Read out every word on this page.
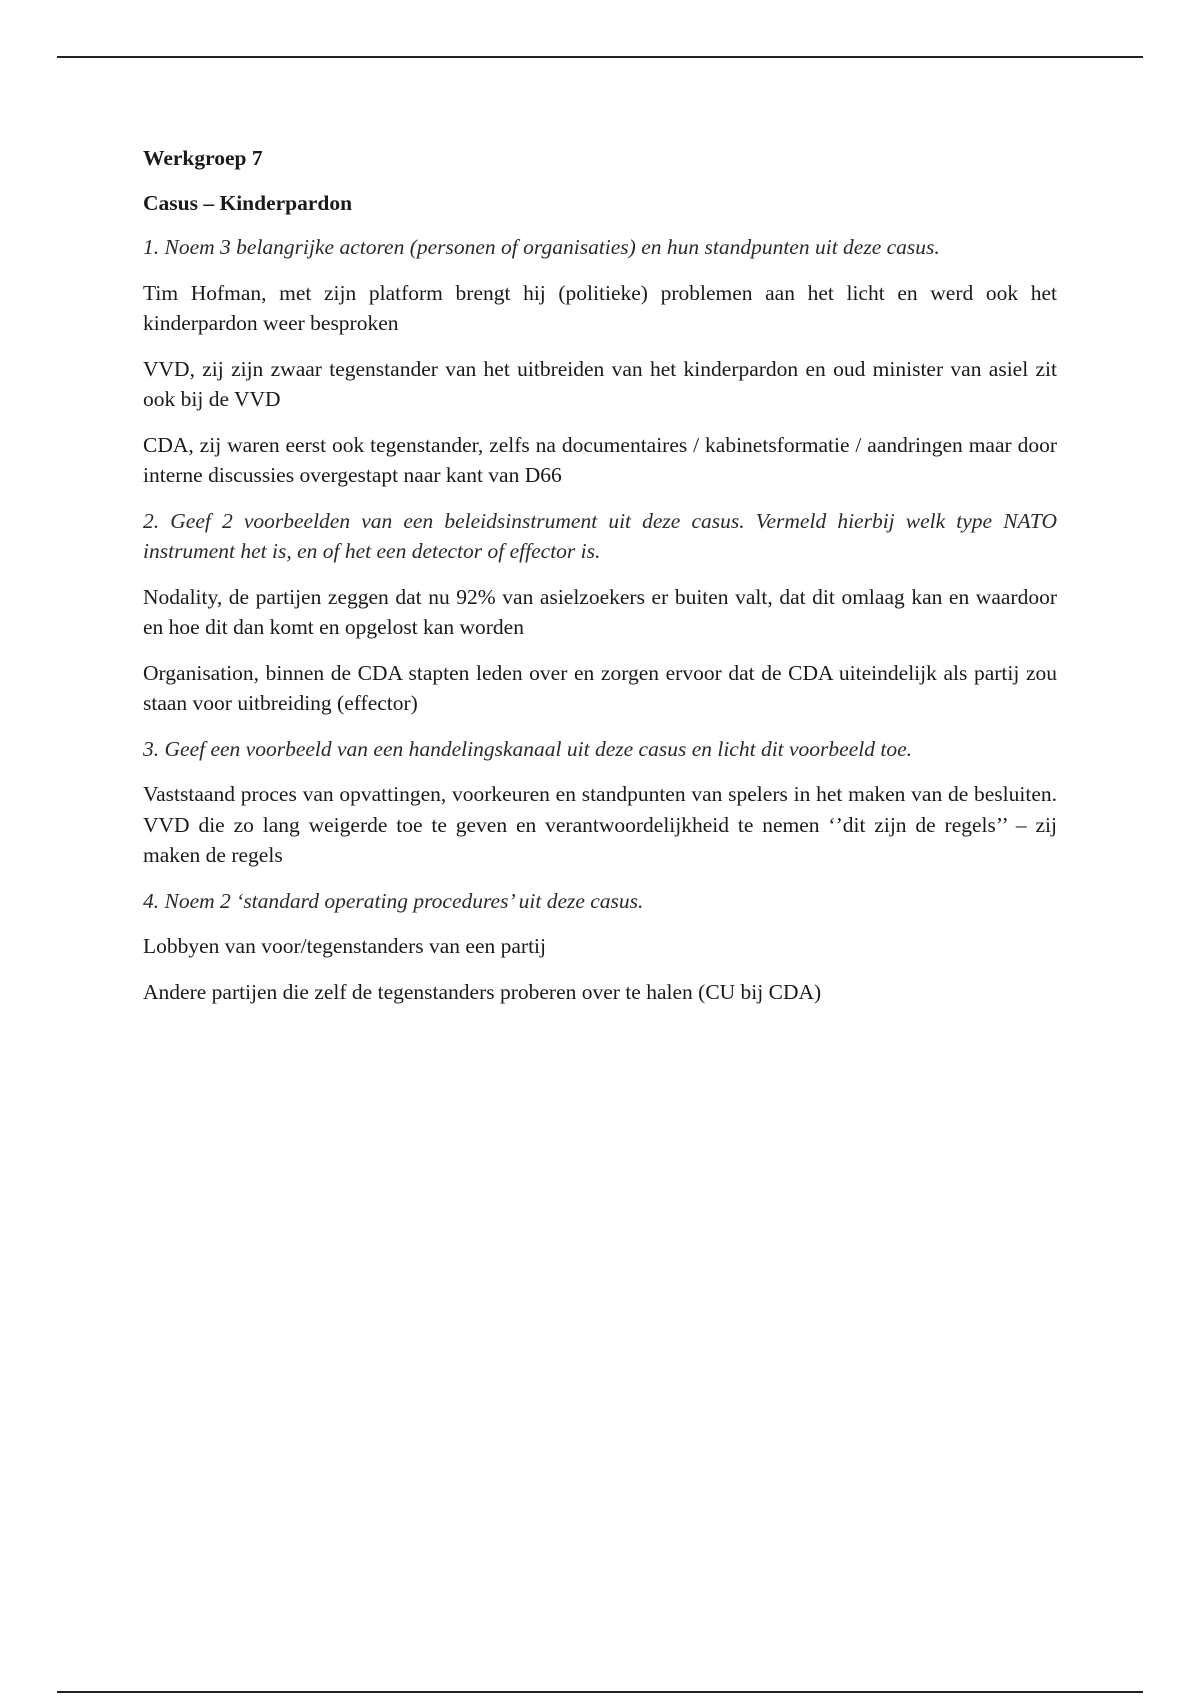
Werkgroep 7

Casus – Kinderpardon

1. Noem 3 belangrijke actoren (personen of organisaties) en hun standpunten uit deze casus.

Tim Hofman, met zijn platform brengt hij (politieke) problemen aan het licht en werd ook het kinderpardon weer besproken

VVD, zij zijn zwaar tegenstander van het uitbreiden van het kinderpardon en oud minister van asiel zit ook bij de VVD

CDA, zij waren eerst ook tegenstander, zelfs na documentaires / kabinetsformatie / aandringen maar door interne discussies overgestapt naar kant van D66

2. Geef 2 voorbeelden van een beleidsinstrument uit deze casus. Vermeld hierbij welk type NATO instrument het is, en of het een detector of effector is.

Nodality, de partijen zeggen dat nu 92% van asielzoekers er buiten valt, dat dit omlaag kan en waardoor en hoe dit dan komt en opgelost kan worden

Organisation, binnen de CDA stapten leden over en zorgen ervoor dat de CDA uiteindelijk als partij zou staan voor uitbreiding (effector)

3. Geef een voorbeeld van een handelingskanaal uit deze casus en licht dit voorbeeld toe.

Vaststaand proces van opvattingen, voorkeuren en standpunten van spelers in het maken van de besluiten. VVD die zo lang weigerde toe te geven en verantwoordelijkheid te nemen ‘’dit zijn de regels’’ – zij maken de regels

4. Noem 2 ‘standard operating procedures’ uit deze casus.

Lobbyen van voor/tegenstanders van een partij

Andere partijen die zelf de tegenstanders proberen over te halen (CU bij CDA)
